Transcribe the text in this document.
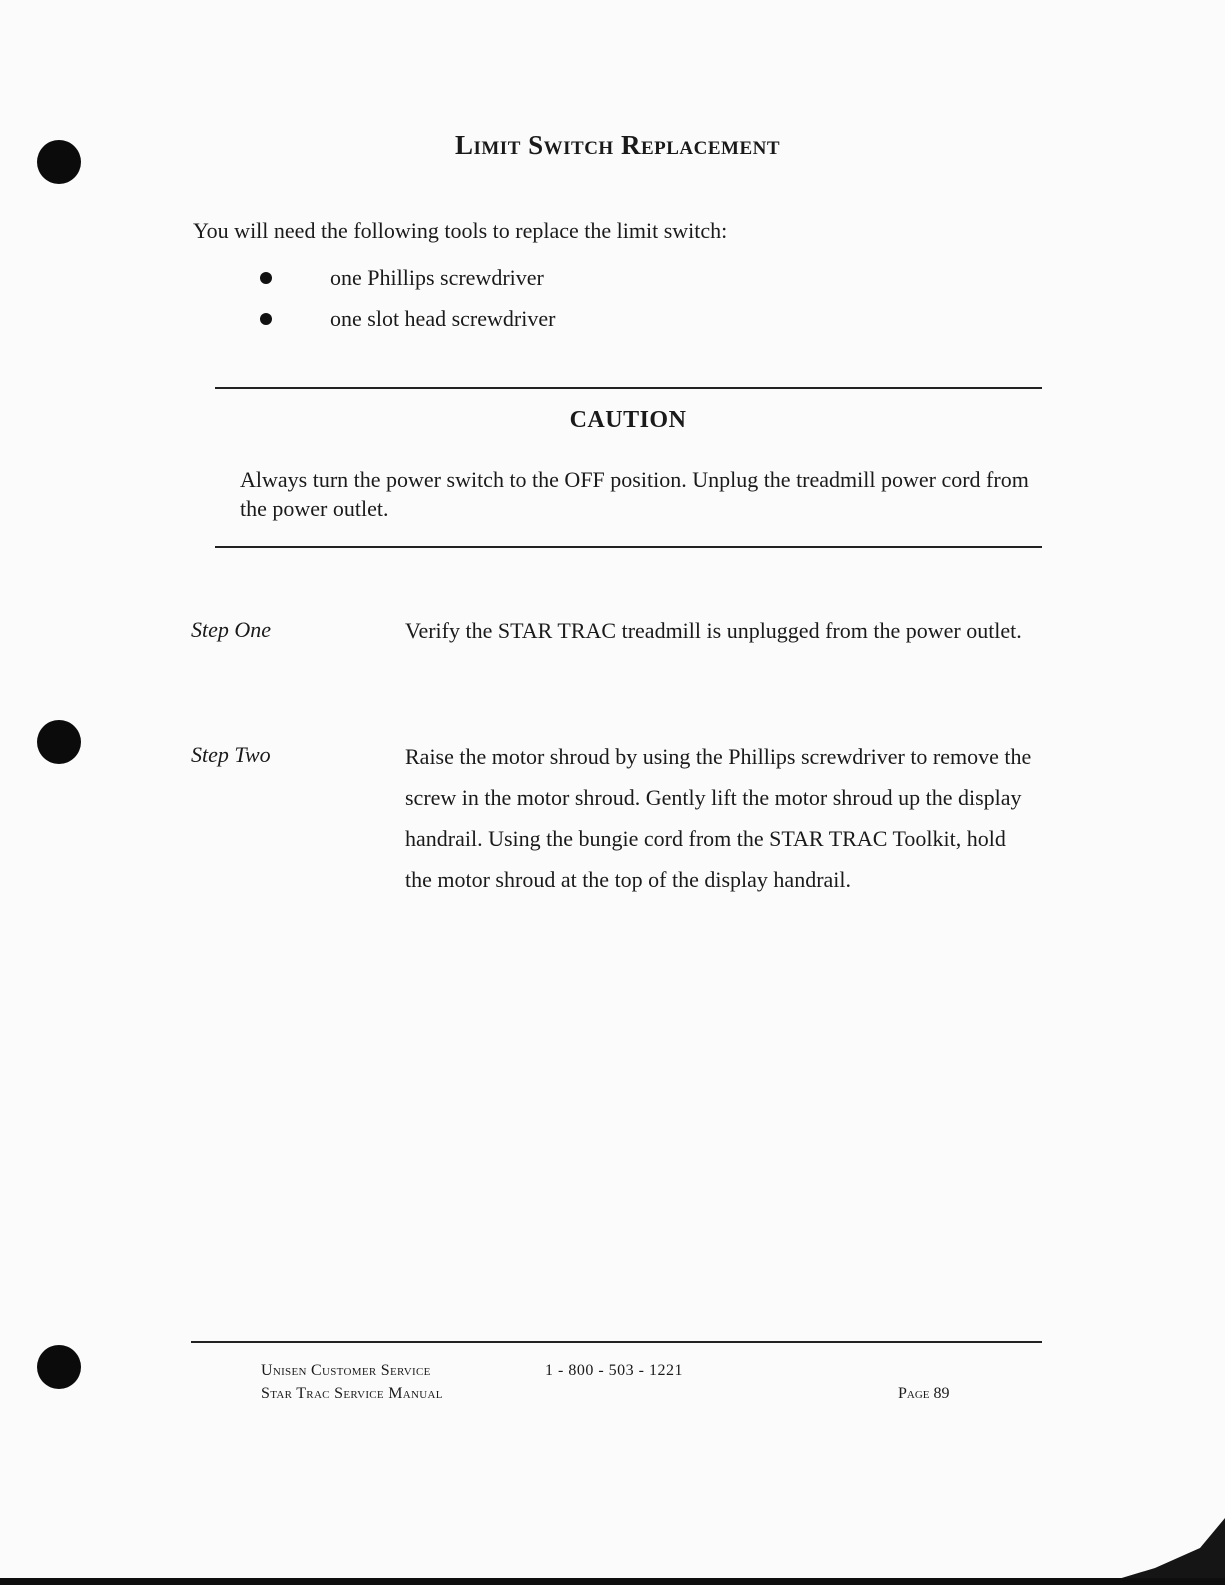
Limit Switch Replacement
You will need the following tools to replace the limit switch:
one Phillips screwdriver
one slot head screwdriver
CAUTION
Always turn the power switch to the OFF position. Unplug the treadmill power cord from the power outlet.
Step One	Verify the STAR TRAC treadmill is unplugged from the power outlet.
Step Two	Raise the motor shroud by using the Phillips screwdriver to remove the screw in the motor shroud. Gently lift the motor shroud up the display handrail. Using the bungie cord from the STAR TRAC Toolkit, hold the motor shroud at the top of the display handrail.
Unisen Customer Service
Star Trac Service Manual
1 - 800 - 503 - 1221
Page 89
